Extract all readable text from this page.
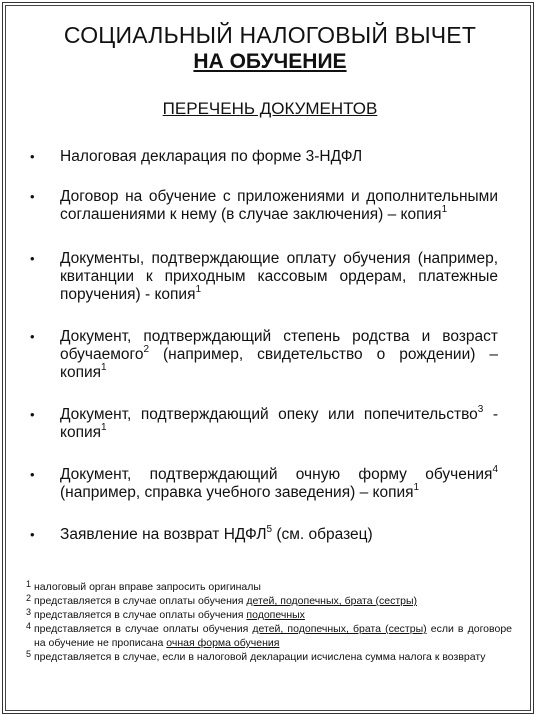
СОЦИАЛЬНЫЙ НАЛОГОВЫЙ ВЫЧЕТ
НА ОБУЧЕНИЕ
ПЕРЕЧЕНЬ ДОКУМЕНТОВ
• Налоговая декларация по форме 3-НДФЛ
• Договор на обучение с приложениями и дополнительными соглашениями к нему (в случае заключения) – копия$^1$
• Документы, подтверждающие оплату обучения (например, квитанции к приходным кассовым ордерам, платежные поручения) - копия$^1$
• Документ, подтверждающий степень родства и возраст обучаемого$^2$ (например, свидетельство о рождении) – копия$^1$
• Документ, подтверждающий опеку или попечительство$^3$ - копия$^1$
• Документ, подтверждающий очную форму обучения$^4$ (например, справка учебного заведения) – копия$^1$
• Заявление на возврат НДФЛ$^5$ (см. образец)
1 налоговый орган вправе запросить оригиналы
2 представляется в случае оплаты обучения детей, подопечных, брата (сестры)
3 представляется в случае оплаты обучения подопечных
4 представляется в случае оплаты обучения детей, подопечных, брата (сестры) если в договоре на обучение не прописана очная форма обучения
5 представляется в случае, если в налоговой декларации исчислена сумма налога к возврату
